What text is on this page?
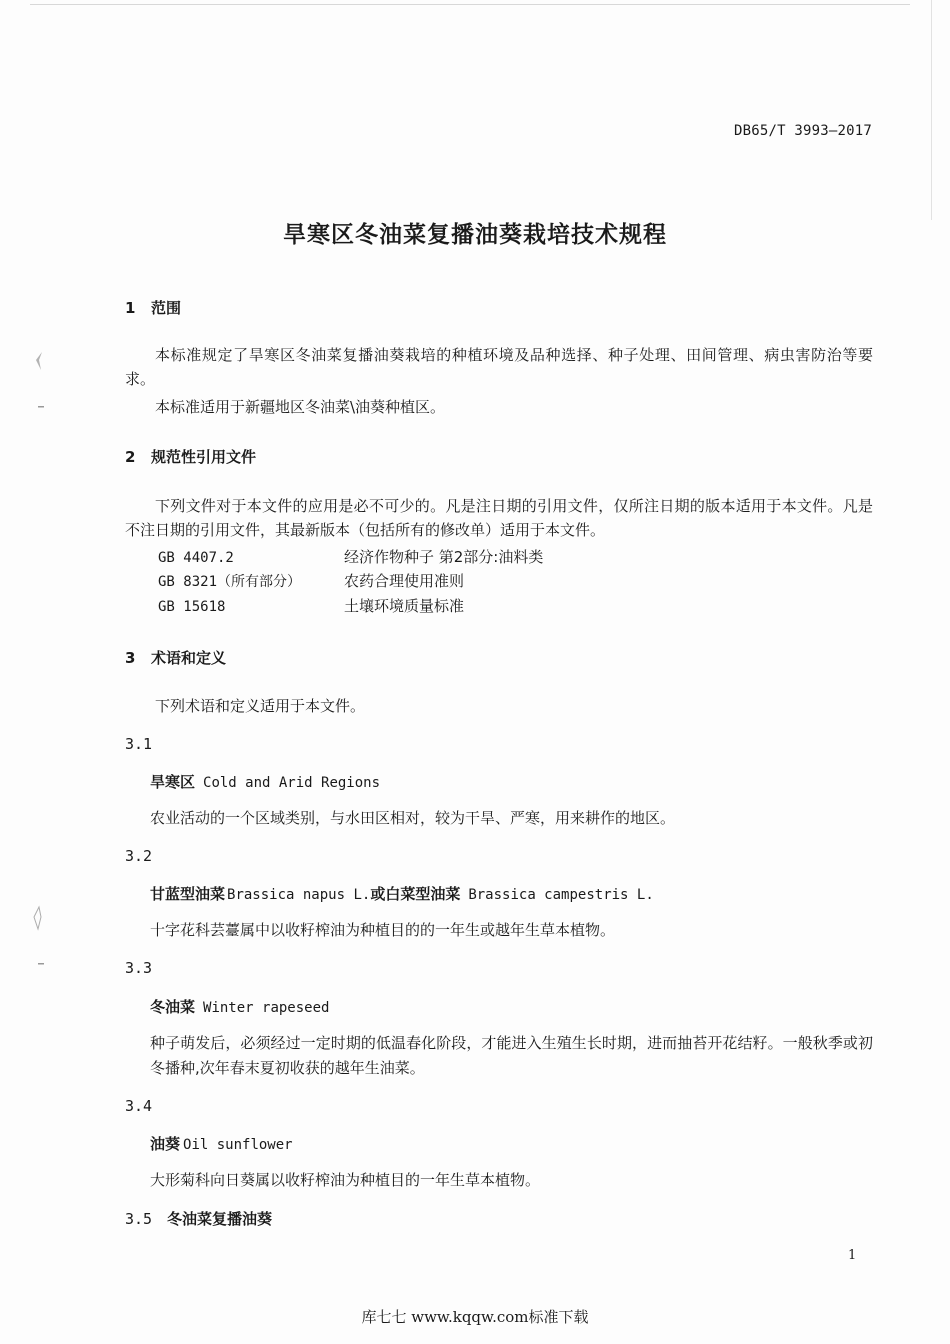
DB65/T 3993—2017
旱寒区冬油菜复播油葵栽培技术规程
1 范围
本标准规定了旱寒区冬油菜复播油葵栽培的种植环境及品种选择、种子处理、田间管理、病虫害防治等要求。
本标准适用于新疆地区冬油菜\油葵种植区。
2 规范性引用文件
下列文件对于本文件的应用是必不可少的。凡是注日期的引用文件，仅所注日期的版本适用于本文件。凡是不注日期的引用文件，其最新版本（包括所有的修改单）适用于本文件。
GB 4407.2	经济作物种子 第2部分:油料类
GB 8321（所有部分）	农药合理使用准则
GB 15618	土壤环境质量标准
3 术语和定义
下列术语和定义适用于本文件。
3.1
旱寒区 Cold and Arid Regions
农业活动的一个区域类别，与水田区相对，较为干旱、严寒，用来耕作的地区。
3.2
甘蓝型油菜 Brassica napus L.或白菜型油菜 Brassica campestris L.
十字花科芸薹属中以收籽榨油为种植目的的一年生或越年生草本植物。
3.3
冬油菜 Winter rapeseed
种子萌发后，必须经过一定时期的低温春化阶段，才能进入生殖生长时期，进而抽苔开花结籽。一般秋季或初冬播种,次年春末夏初收获的越年生油菜。
3.4
油葵 Oil sunflower
大形菊科向日葵属以收籽榨油为种植目的一年生草本植物。
3.5 冬油菜复播油葵
1
库七七 www.kqqw.com标准下载
